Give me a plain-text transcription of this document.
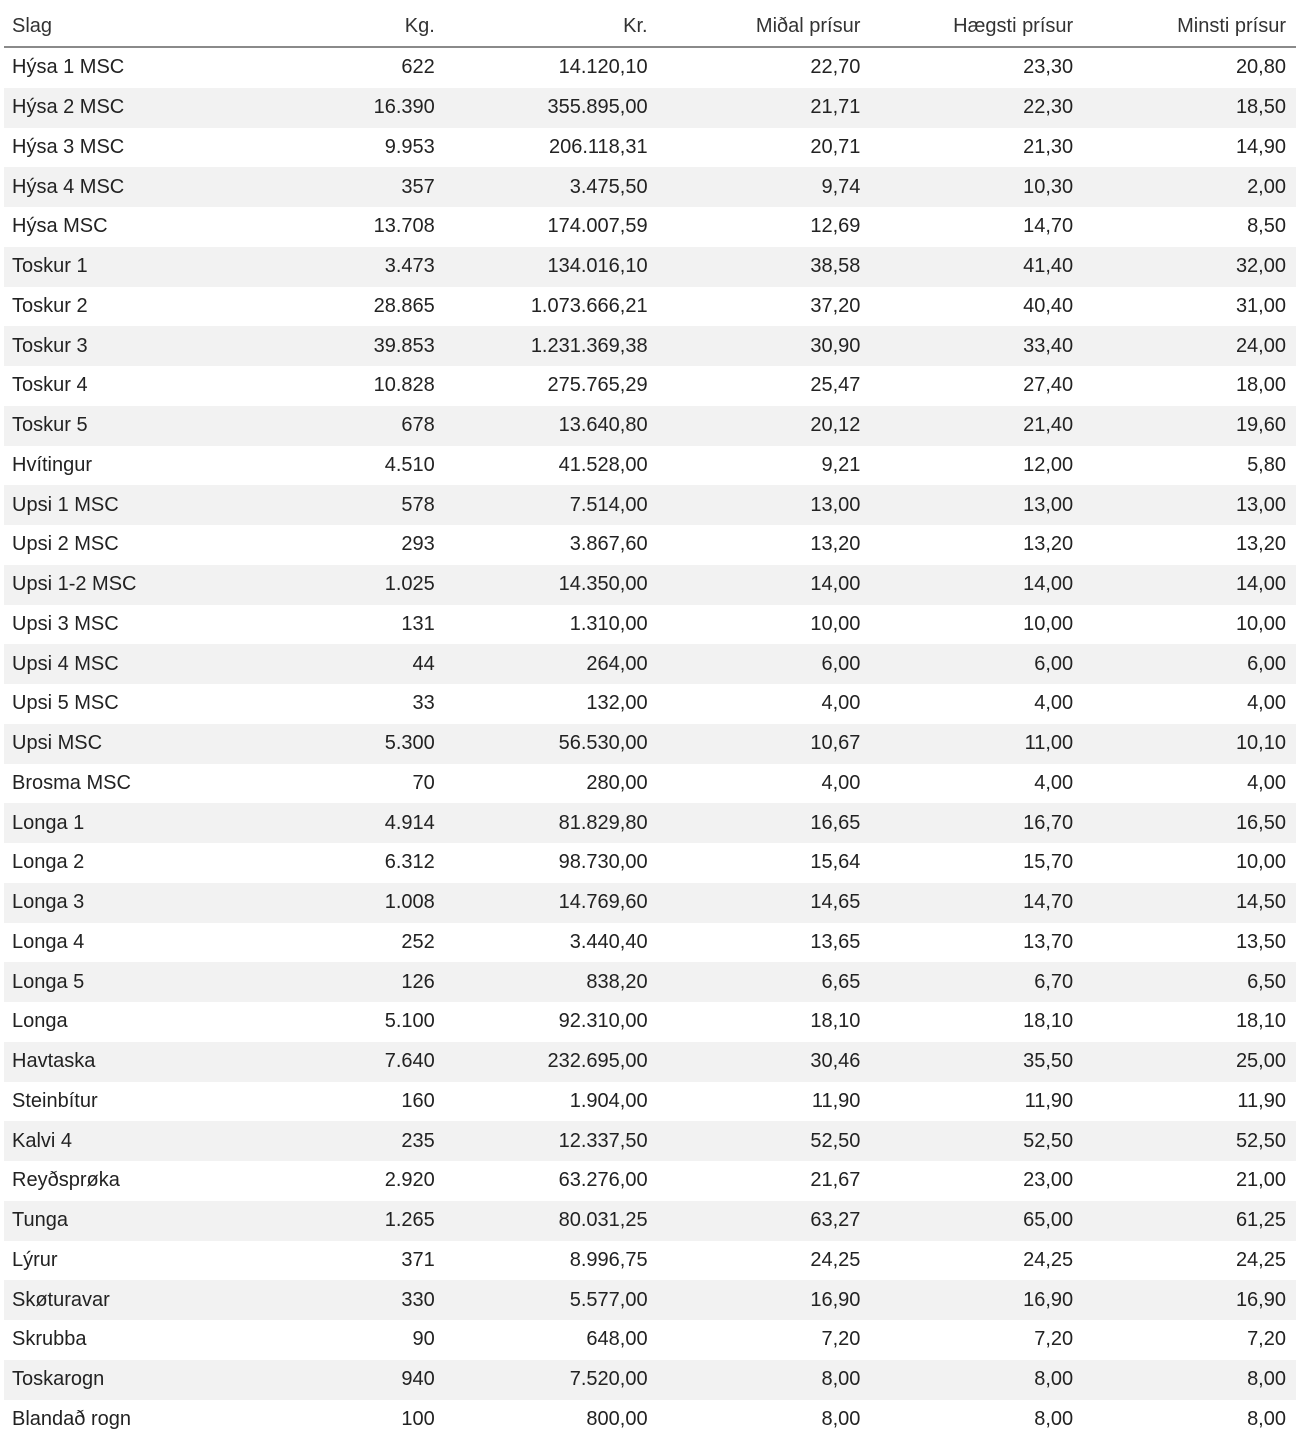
Slag	Kg.	Kr.	Miðal prísur	Hægsti prísur	Minsti prísur
Hýsa 1 MSC	622	14.120,10	22,70	23,30	20,80
Hýsa 2 MSC	16.390	355.895,00	21,71	22,30	18,50
Hýsa 3 MSC	9.953	206.118,31	20,71	21,30	14,90
Hýsa 4 MSC	357	3.475,50	9,74	10,30	2,00
Hýsa MSC	13.708	174.007,59	12,69	14,70	8,50
Toskur 1	3.473	134.016,10	38,58	41,40	32,00
Toskur 2	28.865	1.073.666,21	37,20	40,40	31,00
Toskur 3	39.853	1.231.369,38	30,90	33,40	24,00
Toskur 4	10.828	275.765,29	25,47	27,40	18,00
Toskur 5	678	13.640,80	20,12	21,40	19,60
Hvítingur	4.510	41.528,00	9,21	12,00	5,80
Upsi 1 MSC	578	7.514,00	13,00	13,00	13,00
Upsi 2 MSC	293	3.867,60	13,20	13,20	13,20
Upsi 1-2 MSC	1.025	14.350,00	14,00	14,00	14,00
Upsi 3 MSC	131	1.310,00	10,00	10,00	10,00
Upsi 4 MSC	44	264,00	6,00	6,00	6,00
Upsi 5 MSC	33	132,00	4,00	4,00	4,00
Upsi MSC	5.300	56.530,00	10,67	11,00	10,10
Brosma MSC	70	280,00	4,00	4,00	4,00
Longa 1	4.914	81.829,80	16,65	16,70	16,50
Longa 2	6.312	98.730,00	15,64	15,70	10,00
Longa 3	1.008	14.769,60	14,65	14,70	14,50
Longa 4	252	3.440,40	13,65	13,70	13,50
Longa 5	126	838,20	6,65	6,70	6,50
Longa	5.100	92.310,00	18,10	18,10	18,10
Havtaska	7.640	232.695,00	30,46	35,50	25,00
Steinbítur	160	1.904,00	11,90	11,90	11,90
Kalvi 4	235	12.337,50	52,50	52,50	52,50
Reyðsprøka	2.920	63.276,00	21,67	23,00	21,00
Tunga	1.265	80.031,25	63,27	65,00	61,25
Lýrur	371	8.996,75	24,25	24,25	24,25
Skøturavar	330	5.577,00	16,90	16,90	16,90
Skrubba	90	648,00	7,20	7,20	7,20
Toskarogn	940	7.520,00	8,00	8,00	8,00
Blandað rogn	100	800,00	8,00	8,00	8,00
